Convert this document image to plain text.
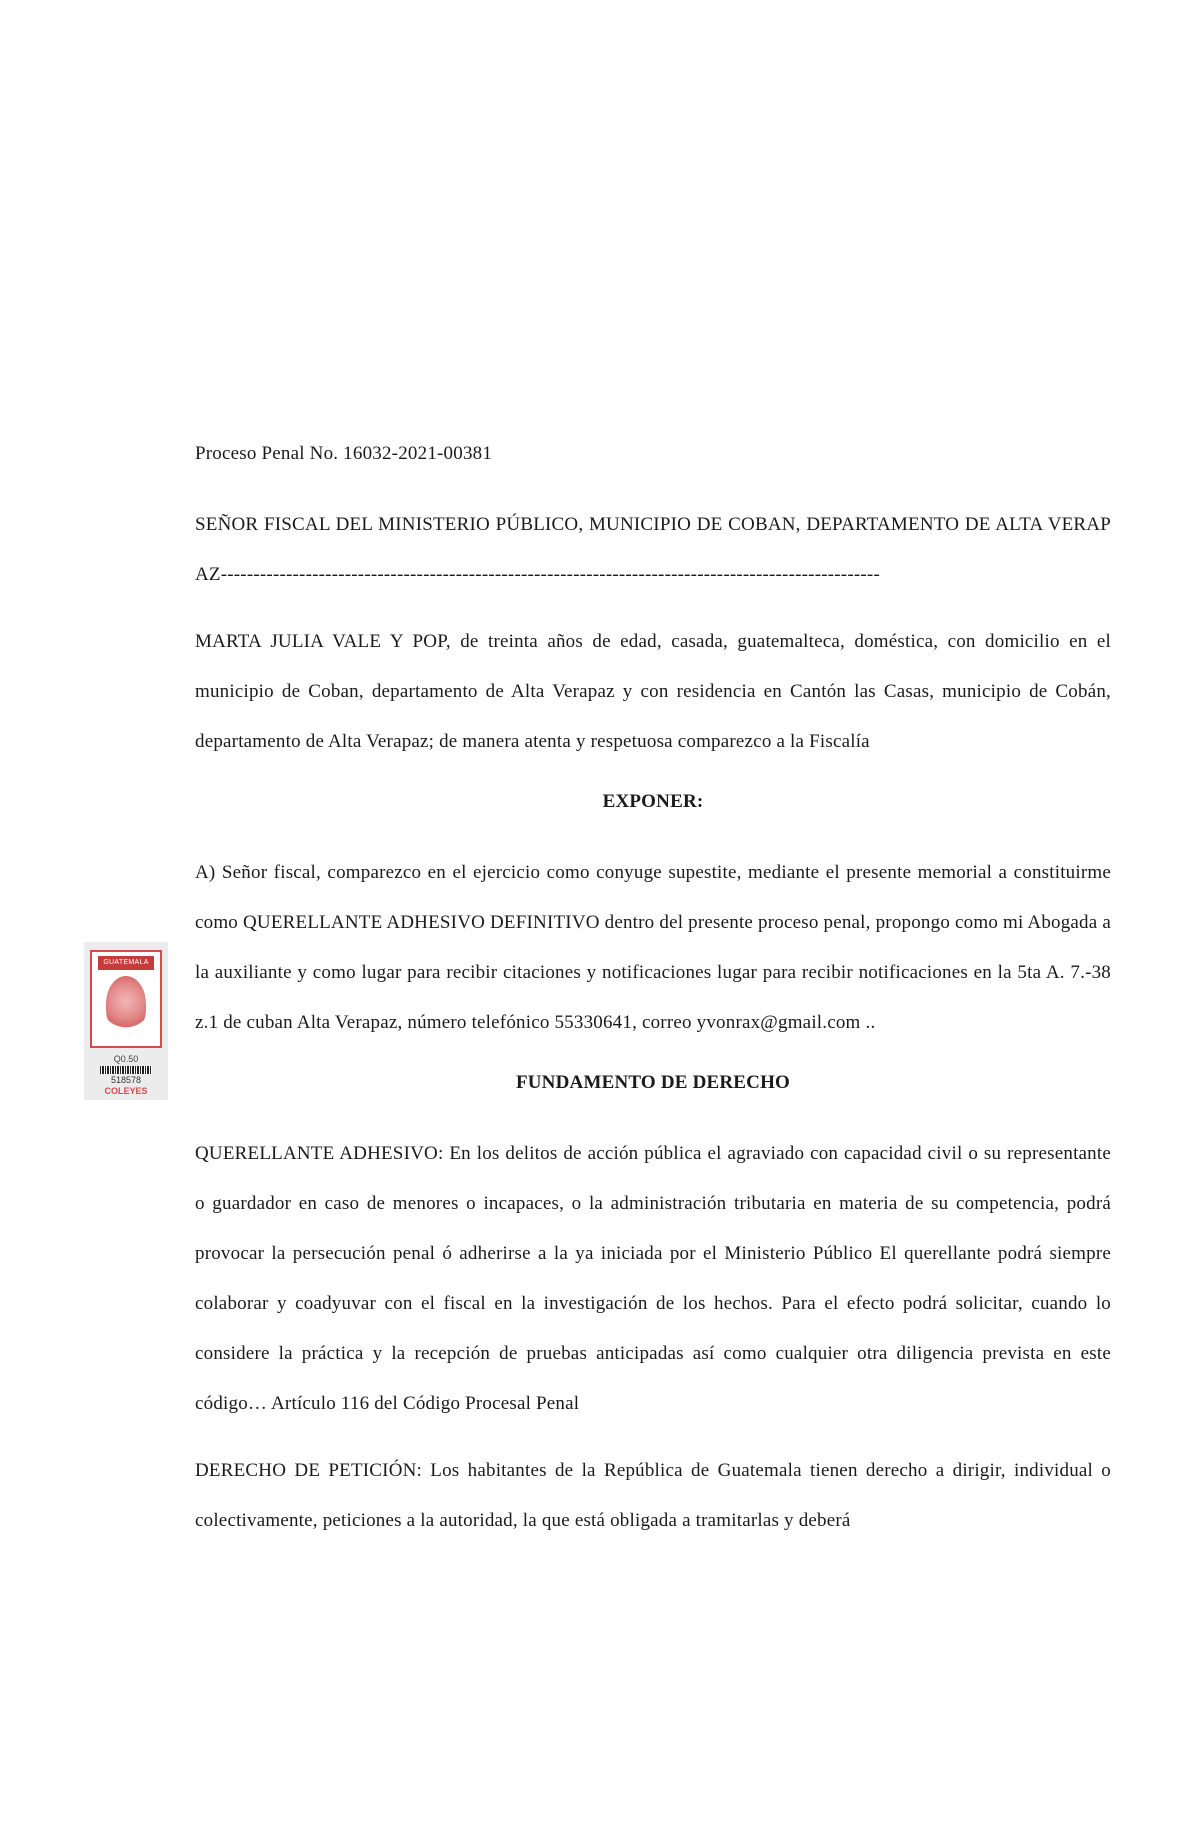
GUATEMALA
Q0.50
518578
COLEYES

Proceso Penal No. 16032-2021-00381

SEÑOR FISCAL DEL MINISTERIO PÚBLICO, MUNICIPIO DE COBAN, DEPARTAMENTO DE ALTA VERAPAZ-----------------------------------------------------------------------------------------------------

MARTA JULIA VALE Y POP, de treinta años de edad, casada, guatemalteca, doméstica, con domicilio en el municipio de Coban, departamento de Alta Verapaz y con residencia en Cantón las Casas, municipio de Cobán, departamento de Alta Verapaz; de manera atenta y respetuosa comparezco a la Fiscalía

EXPONER:

A) Señor fiscal, comparezco en el ejercicio como conyuge supestite, mediante el presente memorial a constituirme como QUERELLANTE ADHESIVO DEFINITIVO dentro del presente proceso penal, propongo como mi Abogada a la auxiliante y como lugar para recibir citaciones y notificaciones lugar para recibir notificaciones en la 5ta A. 7.-38 z.1 de cuban Alta Verapaz, número telefónico 55330641, correo yvonrax@gmail.com ..

FUNDAMENTO DE DERECHO

QUERELLANTE ADHESIVO: En los delitos de acción pública el agraviado con capacidad civil o su representante o guardador en caso de menores o incapaces, o la administración tributaria en materia de su competencia, podrá provocar la persecución penal ó adherirse a la ya iniciada por el Ministerio Público El querellante podrá siempre colaborar y coadyuvar con el fiscal en la investigación de los hechos. Para el efecto podrá solicitar, cuando lo considere la práctica y la recepción de pruebas anticipadas así como cualquier otra diligencia prevista en este código… Artículo 116 del Código Procesal Penal

DERECHO DE PETICIÓN: Los habitantes de la República de Guatemala tienen derecho a dirigir, individual o colectivamente, peticiones a la autoridad, la que está obligada a tramitarlas y deberá
